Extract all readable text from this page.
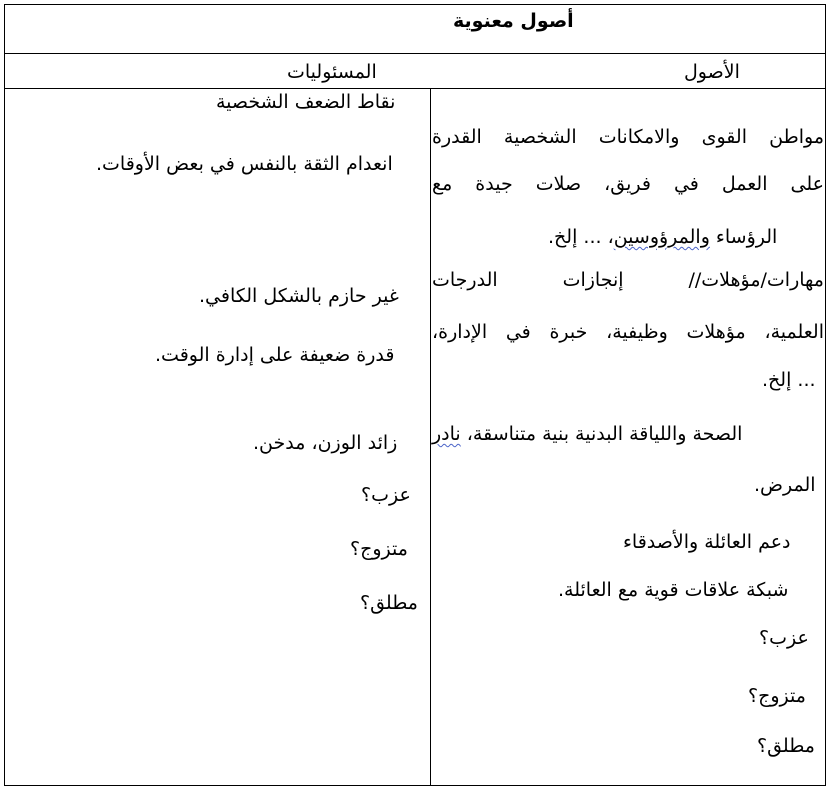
أصول معنوية
المسئوليات	الأصول
مواطن القوى والامكانات الشخصية القدرة
على العمل في فريق، صلات جيدة مع
الرؤساء والمرؤوسين، ... إلخ.
مهارات/مؤهلات// إنجازات الدرجات
العلمية، مؤهلات وظيفية، خبرة في الإدارة،
... إلخ.
الصحة واللياقة البدنية بنية متناسقة، نادر
المرض.
دعم العائلة والأصدقاء
شبكة علاقات قوية مع العائلة.
عزب؟
متزوج؟
مطلق؟
نقاط الضعف الشخصية
انعدام الثقة بالنفس في بعض الأوقات.
غير حازم بالشكل الكافي.
قدرة ضعيفة على إدارة الوقت.
زائد الوزن، مدخن.
عزب؟
متزوج؟
مطلق؟
